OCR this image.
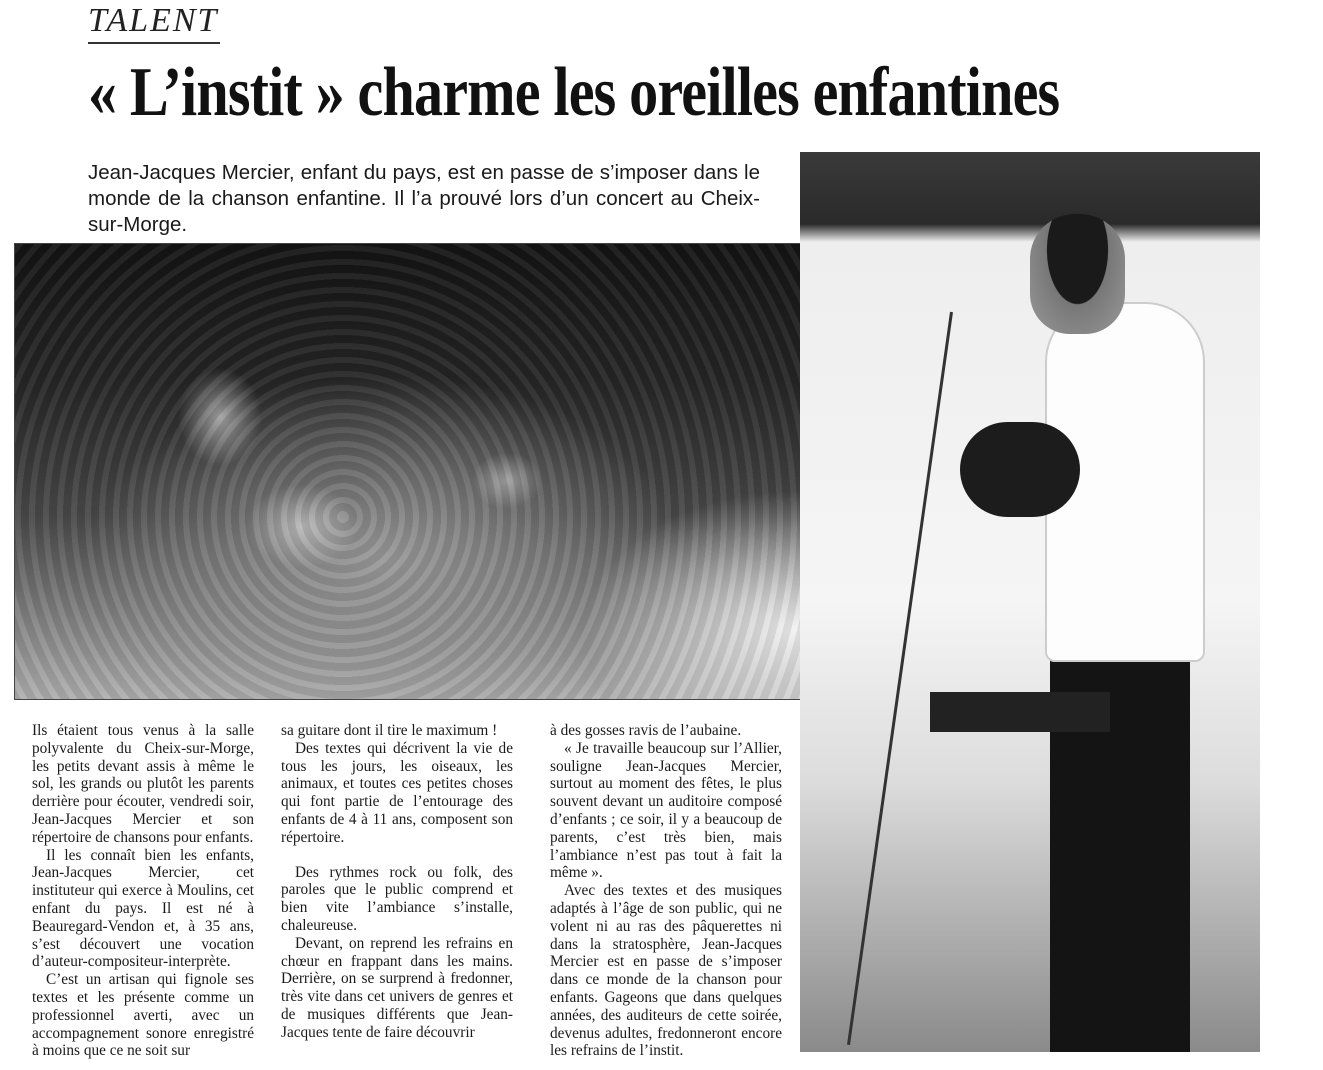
TALENT
« L’instit » charme les oreilles enfantines
Jean-Jacques Mercier, enfant du pays, est en passe de s’imposer dans le monde de la chanson enfantine. Il l’a prouvé lors d’un concert au Cheix-sur-Morge.

Ils étaient tous venus à la salle polyvalente du Cheix-sur-Morge, les petits devant assis à même le sol, les grands ou plutôt les parents derrière pour écouter, vendredi soir, Jean-Jacques Mercier et son répertoire de chansons pour enfants.

Il les connaît bien les enfants, Jean-Jacques Mercier, cet instituteur qui exerce à Moulins, cet enfant du pays. Il est né à Beauregard-Vendon et, à 35 ans, s’est découvert une vocation d’auteur-compositeur-interprète.

C’est un artisan qui fignole ses textes et les présente comme un professionnel averti, avec un accompagnement sonore enregistré à moins que ce ne soit sur

sa guitare dont il tire le maximum !

Des textes qui décrivent la vie de tous les jours, les oiseaux, les animaux, et toutes ces petites choses qui font partie de l’entourage des enfants de 4 à 11 ans, composent son répertoire.

Des rythmes rock ou folk, des paroles que le public comprend et bien vite l’ambiance s’installe, chaleureuse.

Devant, on reprend les refrains en chœur en frappant dans les mains. Derrière, on se surprend à fredonner, très vite dans cet univers de genres et de musiques différents que Jean-Jacques tente de faire découvrir

à des gosses ravis de l’aubaine.

« Je travaille beaucoup sur l’Allier, souligne Jean-Jacques Mercier, surtout au moment des fêtes, le plus souvent devant un auditoire composé d’enfants ; ce soir, il y a beaucoup de parents, c’est très bien, mais l’ambiance n’est pas tout à fait la même ».

Avec des textes et des musiques adaptés à l’âge de son public, qui ne volent ni au ras des pâquerettes ni dans la stratosphère, Jean-Jacques Mercier est en passe de s’imposer dans ce monde de la chanson pour enfants. Gageons que dans quelques années, des auditeurs de cette soirée, devenus adultes, fredonneront encore les refrains de l’instit.
